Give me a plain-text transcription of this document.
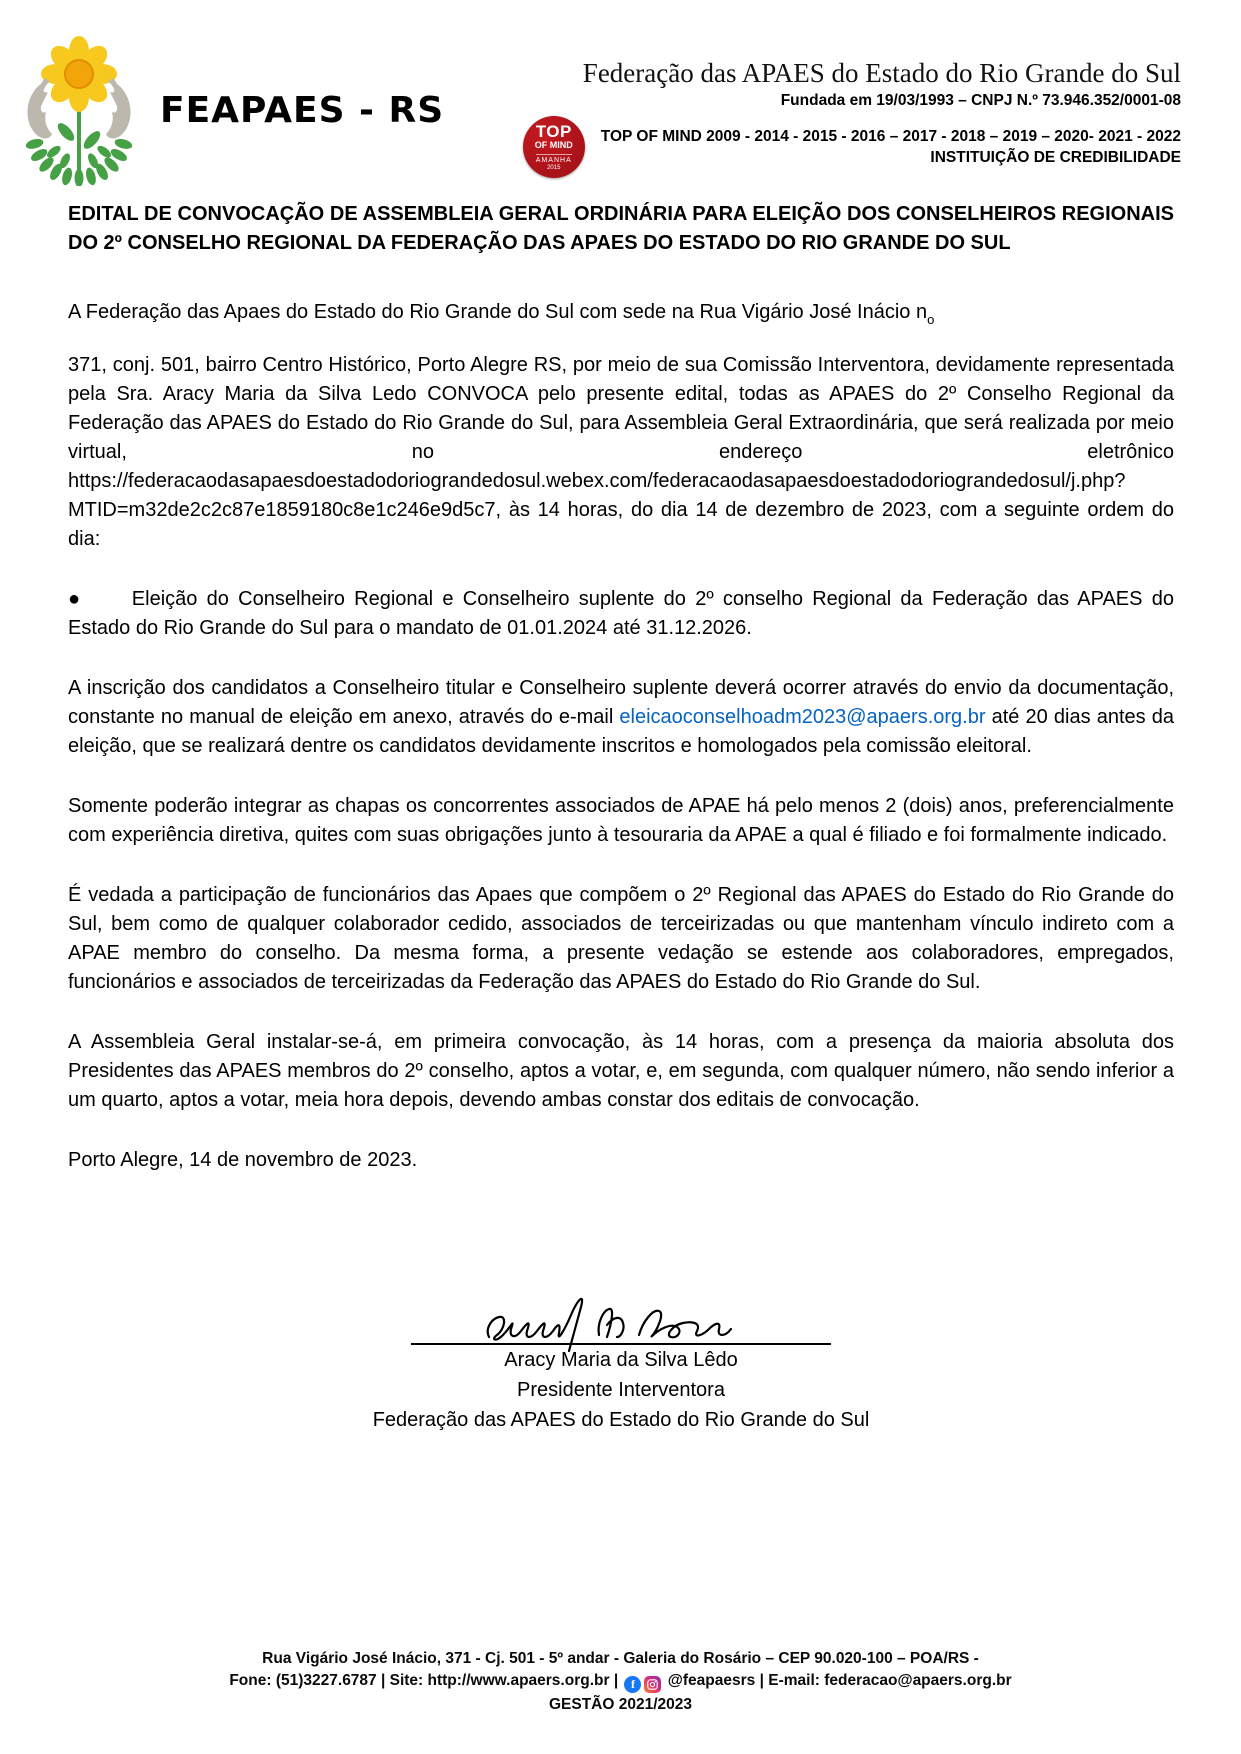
FEAPAES - RS
Federação das APAES do Estado do Rio Grande do Sul
Fundada em 19/03/1993 – CNPJ N.º 73.946.352/0001-08
TOP
OF MIND
AMANHA
2015
TOP OF MIND 2009 - 2014 - 2015 - 2016 – 2017 - 2018 – 2019 – 2020- 2021 - 2022
INSTITUIÇÃO DE CREDIBILIDADE

EDITAL DE CONVOCAÇÃO DE ASSEMBLEIA GERAL ORDINÁRIA PARA ELEIÇÃO DOS CONSELHEIROS REGIONAIS DO 2º CONSELHO REGIONAL DA FEDERAÇÃO DAS APAES DO ESTADO DO RIO GRANDE DO SUL

A Federação das Apaes do Estado do Rio Grande do Sul com sede na Rua Vigário José Inácio $n_o$

371, conj. 501, bairro Centro Histórico, Porto Alegre RS, por meio de sua Comissão Interventora, devidamente representada pela Sra. Aracy Maria da Silva Ledo CONVOCA pelo presente edital, todas as APAES do 2º Conselho Regional da Federação das APAES do Estado do Rio Grande do Sul, para Assembleia Geral Extraordinária, que será realizada por meio virtual, no endereço eletrônico https://federacaodasapaesdoestadodoriograndedosul.webex.com/federacaodasapaesdoestadodoriograndedosul/j.php?MTID=m32de2c2c87e1859180c8e1c246e9d5c7, às 14 horas, do dia 14 de dezembro de 2023, com a seguinte ordem do dia:

● Eleição do Conselheiro Regional e Conselheiro suplente do 2º conselho Regional da Federação das APAES do Estado do Rio Grande do Sul para o mandato de 01.01.2024 até 31.12.2026.

A inscrição dos candidatos a Conselheiro titular e Conselheiro suplente deverá ocorrer através do envio da documentação, constante no manual de eleição em anexo, através do e-mail eleicaoconselhoadm2023@apaers.org.br até 20 dias antes da eleição, que se realizará dentre os candidatos devidamente inscritos e homologados pela comissão eleitoral.

Somente poderão integrar as chapas os concorrentes associados de APAE há pelo menos 2 (dois) anos, preferencialmente com experiência diretiva, quites com suas obrigações junto à tesouraria da APAE a qual é filiado e foi formalmente indicado.

É vedada a participação de funcionários das Apaes que compõem o 2º Regional das APAES do Estado do Rio Grande do Sul, bem como de qualquer colaborador cedido, associados de terceirizadas ou que mantenham vínculo indireto com a APAE membro do conselho. Da mesma forma, a presente vedação se estende aos colaboradores, empregados, funcionários e associados de terceirizadas da Federação das APAES do Estado do Rio Grande do Sul.

A Assembleia Geral instalar-se-á, em primeira convocação, às 14 horas, com a presença da maioria absoluta dos Presidentes das APAES membros do 2º conselho, aptos a votar, e, em segunda, com qualquer número, não sendo inferior a um quarto, aptos a votar, meia hora depois, devendo ambas constar dos editais de convocação.

Porto Alegre, 14 de novembro de 2023.

Aracy Maria da Silva Lêdo
Presidente Interventora
Federação das APAES do Estado do Rio Grande do Sul
Rua Vigário José Inácio, 371 - Cj. 501 - 5º andar - Galeria do Rosário – CEP 90.020-100 – POA/RS -
Fone: (51)3227.6787 | Site: http://www.apaers.org.br |	f	@feapaesrs | E-mail: federacao@apaers.org.br
GESTÃO 2021/2023
